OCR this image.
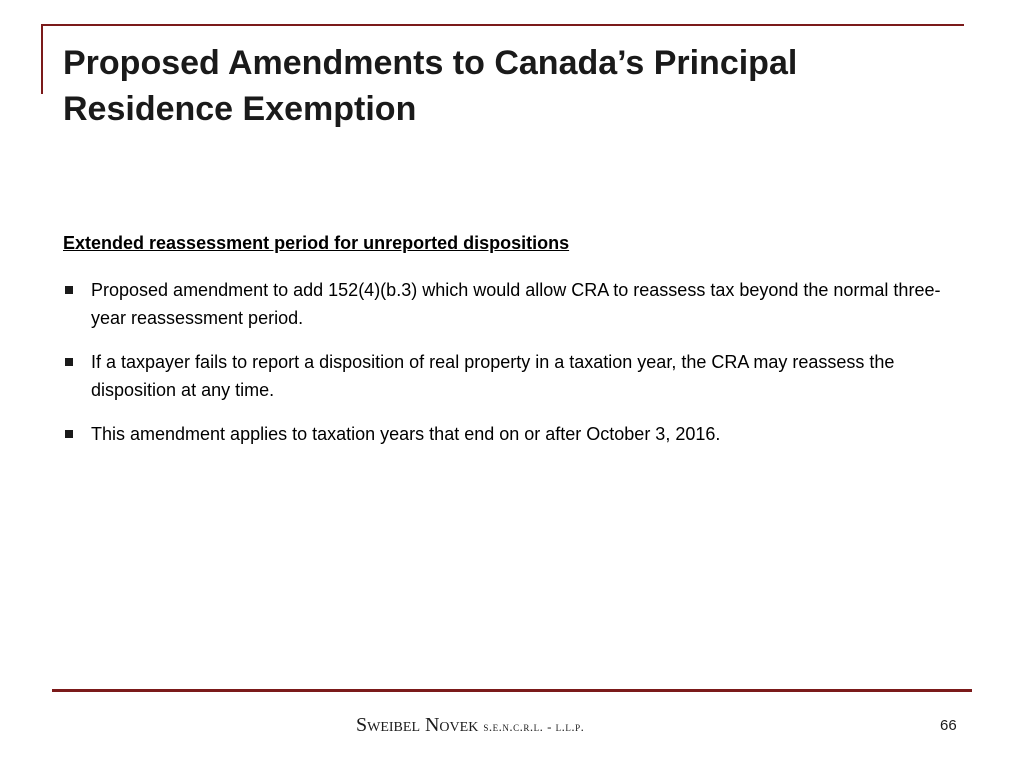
Proposed Amendments to Canada’s Principal Residence Exemption

Extended reassessment period for unreported dispositions

Proposed amendment to add 152(4)(b.3) which would allow CRA to reassess tax beyond the normal three-year reassessment period.
If a taxpayer fails to report a disposition of real property in a taxation year, the CRA may reassess the disposition at any time.
This amendment applies to taxation years that end on or after October 3, 2016.
Sweibel Novek s.e.n.c.r.l. - l.l.p.	66
